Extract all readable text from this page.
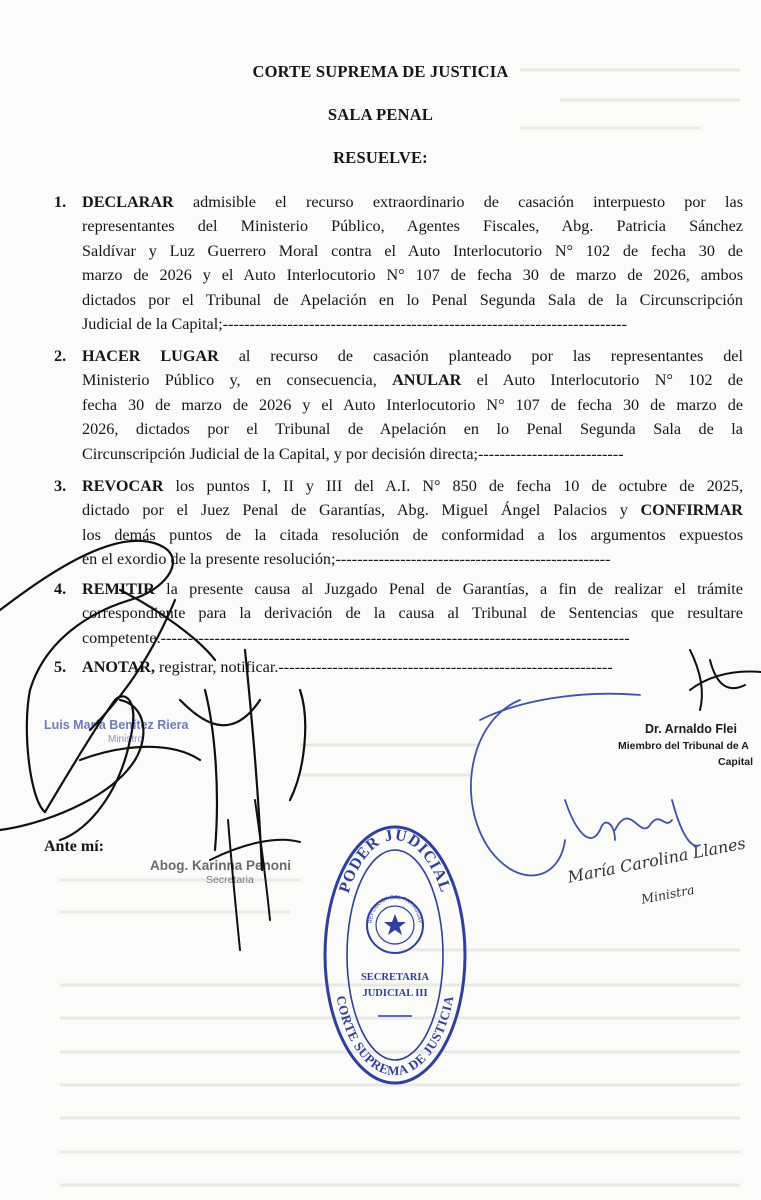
CORTE SUPREMA DE JUSTICIA
SALA PENAL
RESUELVE:
1. DECLARAR admisible el recurso extraordinario de casación interpuesto por las
representantes del Ministerio Público, Agentes Fiscales, Abg. Patricia Sánchez
Saldívar y Luz Guerrero Moral contra el Auto Interlocutorio N° 102 de fecha 30 de
marzo de 2026 y el Auto Interlocutorio N° 107 de fecha 30 de marzo de 2026, ambos
dictados por el Tribunal de Apelación en lo Penal Segunda Sala de la Circunscripción
Judicial de la Capital;---------------------------------------------------------------------------
2. HACER LUGAR al recurso de casación planteado por las representantes del
Ministerio Público y, en consecuencia, ANULAR el Auto Interlocutorio N° 102 de
fecha 30 de marzo de 2026 y el Auto Interlocutorio N° 107 de fecha 30 de marzo de
2026, dictados por el Tribunal de Apelación en lo Penal Segunda Sala de la
Circunscripción Judicial de la Capital, y por decisión directa;---------------------------
3. REVOCAR los puntos I, II y III del A.I. N° 850 de fecha 10 de octubre de 2025,
dictado por el Juez Penal de Garantías, Abg. Miguel Ángel Palacios y CONFIRMAR
los demás puntos de la citada resolución de conformidad a los argumentos expuestos
en el exordio de la presente resolución;---------------------------------------------------
4. REMITIR la presente causa al Juzgado Penal de Garantías, a fin de realizar el trámite
correspondiente para la derivación de la causa al Tribunal de Sentencias que resultare
competente.---------------------------------------------------------------------------------------
5. ANOTAR, registrar, notificar.--------------------------------------------------------------
Luis María Benítez Riera
Ministro
Dr. Arnaldo Flei
Miembro del Tribunal de A
Capital
Ante mí:
Abog. Karinna Penoni
Secretaria	María Carolina Llanes
Ministra
PODER JUDICIAL
CORTE SUPREMA DE JUSTICIA
REPÚBLICA DEL PARAGUAY
SECRETARIA
JUDICIAL III
